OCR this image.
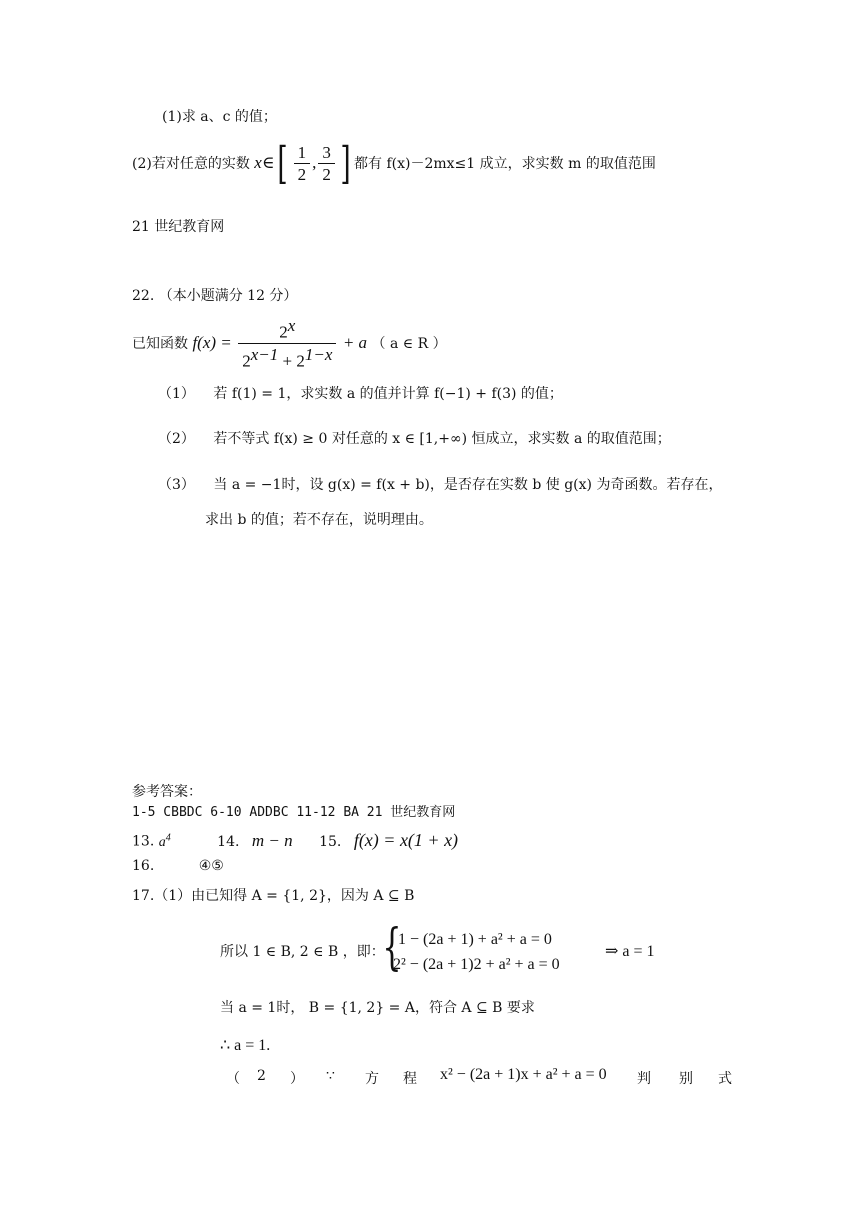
(1)求 a、c 的值；
(2)若对任意的实数 x∈[ $\frac{1}{2}$ , $\frac{3}{2}$ ] 都有 f(x)－2mx≤1 成立，求实数 m 的取值范围
21 世纪教育网
22. （本小题满分 12 分）
已知函数 $f(x) = \frac{2^x}{2^{x-1} + 2^{1-x}} + a$ （ a ∈ R ）
（1） 若 f(1) = 1，求实数 a 的值并计算 f(−1) + f(3) 的值；
（2） 若不等式 f(x) ≥ 0 对任意的 x ∈ [1,+∞) 恒成立，求实数 a 的取值范围；
（3） 当 a = −1时，设 g(x) = f(x + b)，是否存在实数 b 使 g(x) 为奇函数。若存在，
求出 b 的值；若不存在，说明理由。
参考答案：
1-5 CBBDC 6-10 ADDBC 11-12 BA 21 世纪教育网
13. $a^4$	14. m − n 15. f(x) = x(1 + x)
16.	④⑤
17.（1）由已知得 A = {1, 2}，因为 A ⊆ B
所以 1 ∈ B, 2 ∈ B ，即：
{
1 − (2a + 1) + a² + a = 0
2² − (2a + 1)2 + a² + a = 0
⇒ a = 1
当 a = 1时， B = {1, 2} = A，符合 A ⊆ B 要求
∴ a = 1.
（ 2 ） ∵ 方 程 x² − (2a + 1)x + a² + a = 0 判 别 式
